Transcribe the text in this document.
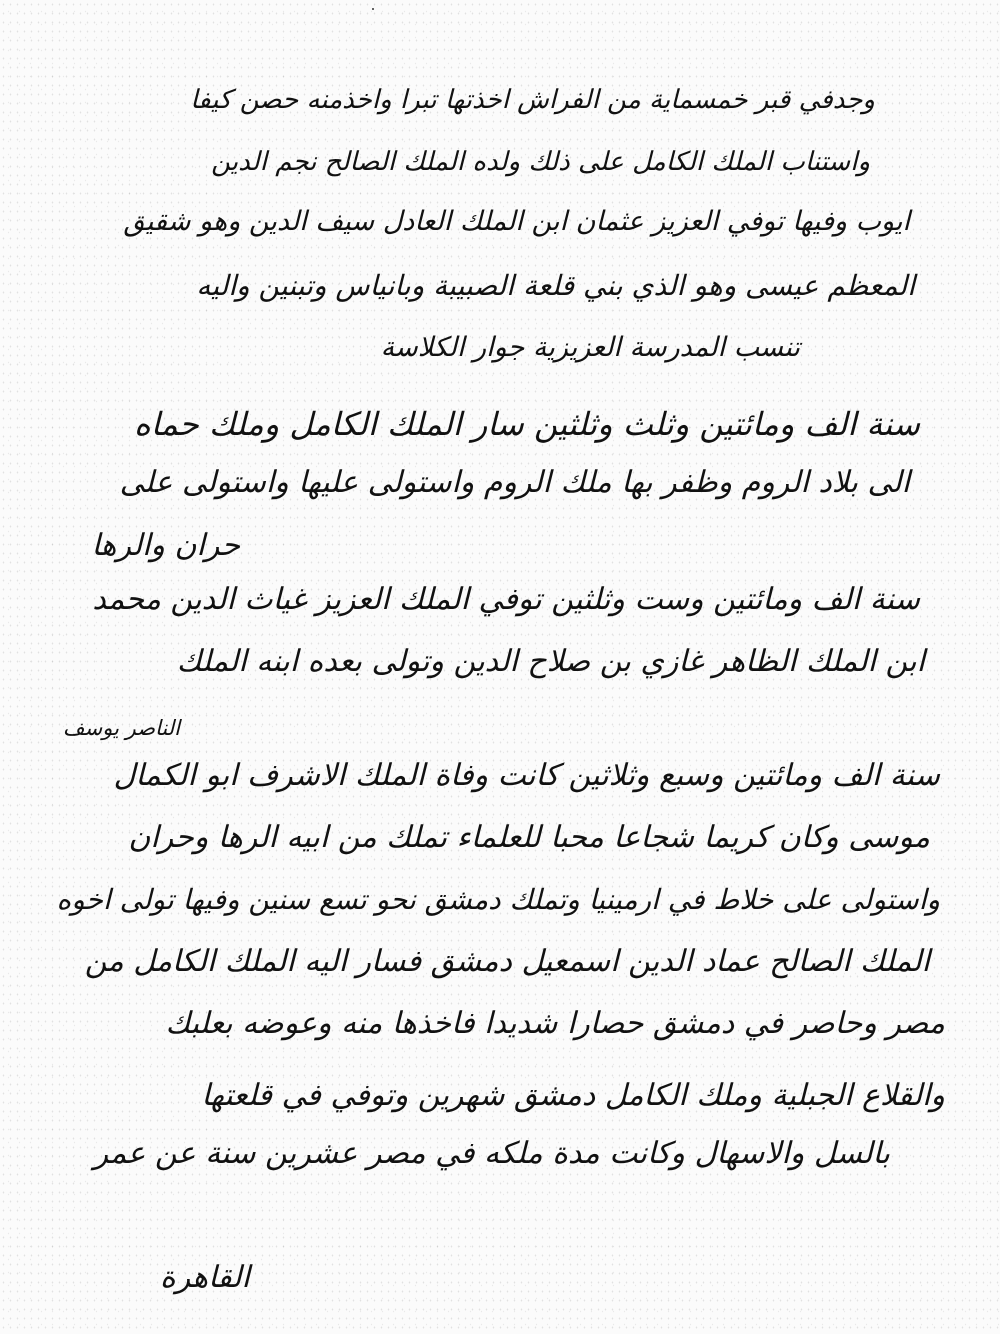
وجدفي قبر خمسماية من الفراش اخذتها تبرا واخذمنه حصن كيفا
واستناب الملك الكامل على ذلك ولده الملك الصالح نجم الدين
ايوب وفيها توفي العزيز عثمان ابن الملك العادل سيف الدين وهو شقيق
المعظم عيسى وهو الذي بني قلعة الصبيبة وبانياس وتبنين واليه
تنسب المدرسة العزيزية جوار الكلاسة
سنة الف ومائتين وثلث وثلثين سار الملك الكامل وملك حماه
الى بلاد الروم وظفر بها ملك الروم واستولى عليها واستولى على
حران والرها
سنة الف ومائتين وست وثلثين توفي الملك العزيز غياث الدين محمد
ابن الملك الظاهر غازي بن صلاح الدين وتولى بعده ابنه الملك
الناصر يوسف
سنة الف ومائتين وسبع وثلاثين كانت وفاة الملك الاشرف ابو الكمال
موسى وكان كريما شجاعا محبا للعلماء تملك من ابيه الرها وحران
واستولى على خلاط في ارمينيا وتملك دمشق نحو تسع سنين وفيها تولى اخوه
الملك الصالح عماد الدين اسمعيل دمشق فسار اليه الملك الكامل من
مصر وحاصر في دمشق حصارا شديدا فاخذها منه وعوضه بعلبك
والقلاع الجبلية وملك الكامل دمشق شهرين وتوفي في قلعتها
بالسل والاسهال وكانت مدة ملكه في مصر عشرين سنة عن عمر
القاهرة
